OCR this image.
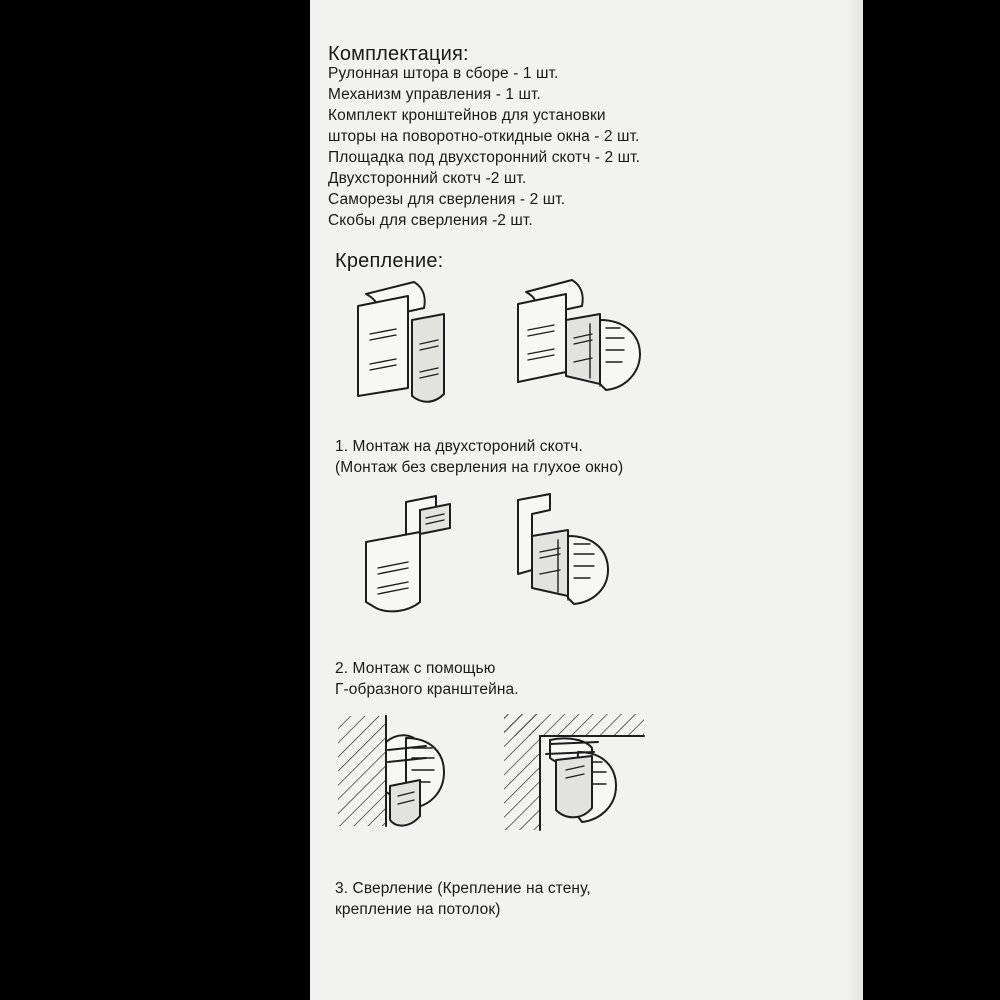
Комплектация:
Рулонная штора в сборе - 1 шт.
Механизм управления - 1 шт.
Комплект кронштейнов для установки
шторы на поворотно-откидные окна - 2 шт.
Площадка под двухсторонний скотч - 2 шт.
Двухсторонний скотч -2 шт.
Саморезы для сверления - 2 шт.
Скобы для сверления -2 шт.
Крепление:
1. Монтаж на двухстороний скотч.
(Монтаж без сверления на глухое окно)
2. Монтаж с помощью
Г-образного кранштейна.
3. Сверление (Крепление на стену,
крепление на потолок)
